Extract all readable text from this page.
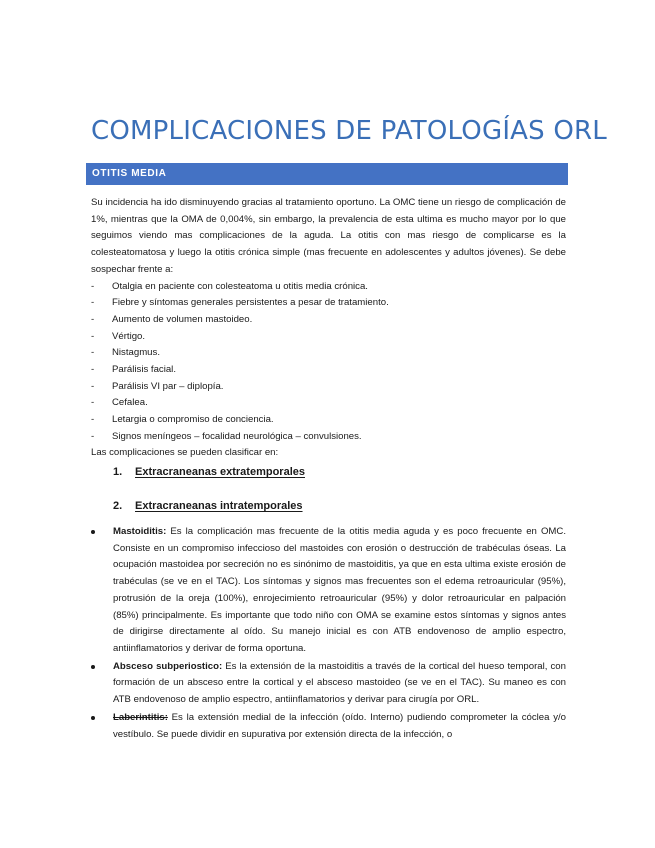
COMPLICACIONES DE PATOLOGÍAS ORL
OTITIS MEDIA

Su incidencia ha ido disminuyendo gracias al tratamiento oportuno. La OMC tiene un riesgo de complicación de 1%, mientras que la OMA de 0,004%, sin embargo, la prevalencia de esta ultima es mucho mayor por lo que seguimos viendo mas complicaciones de la aguda. La otitis con mas riesgo de complicarse es la colesteatomatosa y luego la otitis crónica simple (mas frecuente en adolescentes y adultos jóvenes). Se debe sospechar frente a:

- Otalgia en paciente con colesteatoma u otitis media crónica.
- Fiebre y síntomas generales persistentes a pesar de tratamiento.
- Aumento de volumen mastoideo.
- Vértigo.
- Nistagmus.
- Parálisis facial.
- Parálisis VI par – diplopía.
- Cefalea.
- Letargia o compromiso de conciencia.
- Signos meníngeos – focalidad neurológica – convulsiones.

Las complicaciones se pueden clasificar en:

1. Extracraneanas extratemporales

2. Extracraneanas intratemporales

Mastoiditis: Es la complicación mas frecuente de la otitis media aguda y es poco frecuente en OMC. Consiste en un compromiso infeccioso del mastoides con erosión o destrucción de trabéculas óseas. La ocupación mastoidea por secreción no es sinónimo de mastoiditis, ya que en esta ultima existe erosión de trabéculas (se ve en el TAC). Los síntomas y signos mas frecuentes son el edema retroauricular (95%), protrusión de la oreja (100%), enrojecimiento retroauricular (95%) y dolor retroauricular en palpación (85%) principalmente. Es importante que todo niño con OMA se examine estos síntomas y signos antes de dirigirse directamente al oído. Su manejo inicial es con ATB endovenoso de amplio espectro, antiinflamatorios y derivar de forma oportuna.
Absceso subperiostico: Es la extensión de la mastoiditis a través de la cortical del hueso temporal, con formación de un absceso entre la cortical y el absceso mastoideo (se ve en el TAC). Su maneo es con ATB endovenoso de amplio espectro, antiinflamatorios y derivar para cirugía por ORL.
Laberintitis: Es la extensión medial de la infección (oído. Interno) pudiendo comprometer la cóclea y/o vestíbulo. Se puede dividir en supurativa por extensión directa de la infección, o
